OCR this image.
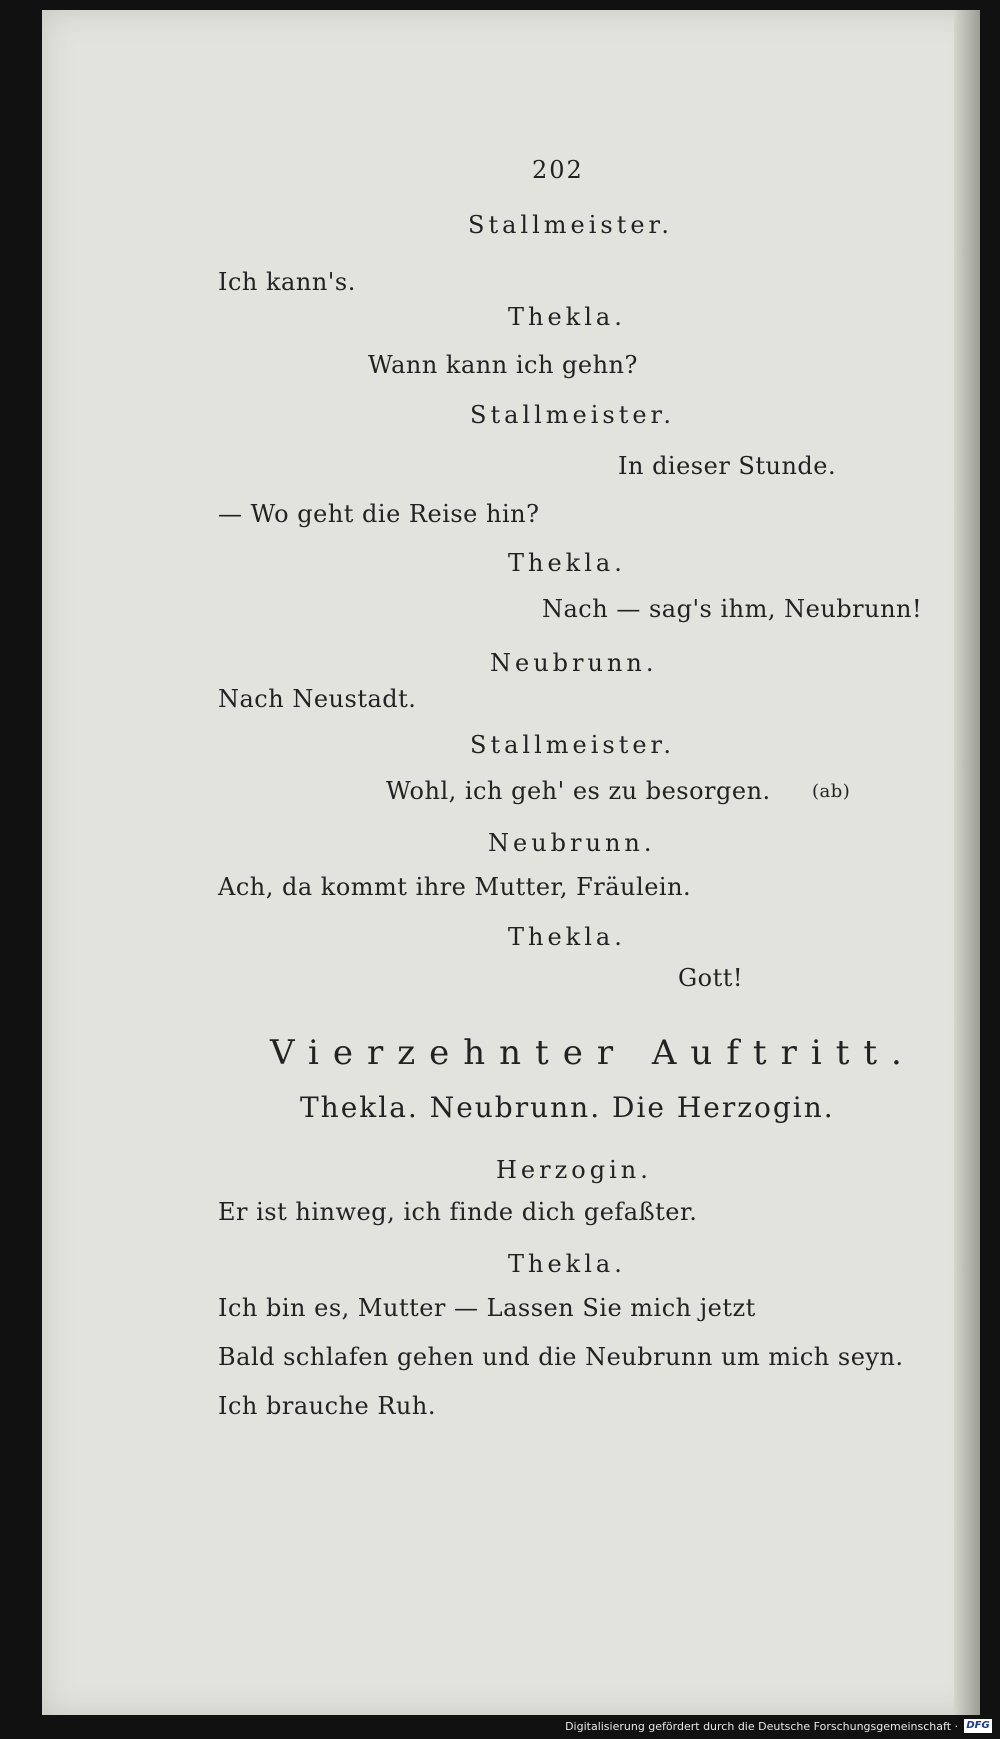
202
Stallmeister.
Ich kann's.
Thekla.
Wann kann ich gehn?
Stallmeister.
In dieser Stunde.
— Wo geht die Reise hin?
Thekla.
Nach — sag's ihm, Neubrunn!
Neubrunn.
Nach Neustadt.
Stallmeister.
Wohl, ich geh' es zu besorgen. (ab)
Neubrunn.
Ach, da kommt ihre Mutter, Fräulein.
Thekla.
Gott!
Vierzehnter Auftritt.
Thekla. Neubrunn. Die Herzogin.
Herzogin.
Er ist hinweg, ich finde dich gefaßter.
Thekla.
Ich bin es, Mutter — Lassen Sie mich jetzt
Bald schlafen gehen und die Neubrunn um mich seyn.
Ich brauche Ruh.
Digitalisierung gefördert durch die Deutsche Forschungsgemeinschaft · DFG
